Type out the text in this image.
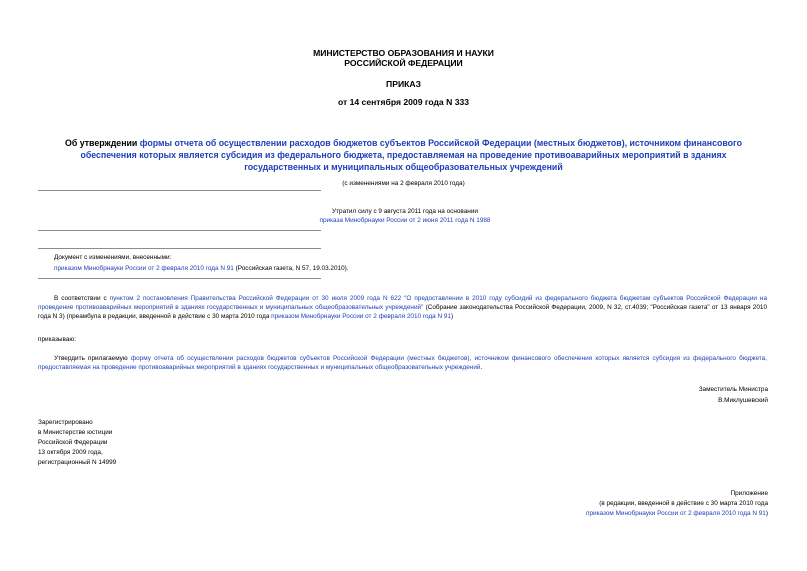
МИНИСТЕРСТВО ОБРАЗОВАНИЯ И НАУКИ
РОССИЙСКОЙ ФЕДЕРАЦИИ
ПРИКАЗ
от 14 сентября 2009 года N 333
Об утверждении формы отчета об осуществлении расходов бюджетов субъектов Российской Федерации (местных бюджетов), источником финансового обеспечения которых является субсидия из федерального бюджета, предоставляемая на проведение противоаварийных мероприятий в зданиях государственных и муниципальных общеобразовательных учреждений
(с изменениями на 2 февраля 2010 года)
Утратил силу с 9 августа 2011 года на основании
приказа Минобрнауки России от 2 июня 2011 года N 1988
Документ с изменениями, внесенными:
приказом Минобрнауки России от 2 февраля 2010 года N 91 (Российская газета, N 57, 19.03.2010).
В соответствии с пунктом 2 постановления Правительства Российской Федерации от 30 июля 2009 года N 622 "О предоставлении в 2010 году субсидий из федерального бюджета бюджетам субъектов Российской Федерации на проведение противоаварийных мероприятий в зданиях государственных и муниципальных общеобразовательных учреждений" (Собрание законодательства Российской Федерации, 2009, N 32, ст.4039; "Российская газета" от 13 января 2010 года N 3) (преамбула в редакции, введенной в действие с 30 марта 2010 года приказом Минобрнауки России от 2 февраля 2010 года N 91)
приказываю:
Утвердить прилагаемую форму отчета об осуществлении расходов бюджетов субъектов Российской Федерации (местных бюджетов), источником финансового обеспечения которых является субсидия из федерального бюджета, предоставляемая на проведение противоаварийных мероприятий в зданиях государственных и муниципальных общеобразовательных учреждений.
Заместитель Министра
В.Миклушевский
Зарегистрировано
в Министерстве юстиции
Российской Федерации
13 октября 2009 года,
регистрационный N 14999
Приложение
(в редакции, введенной в действие с 30 марта 2010 года
приказом Минобрнауки России от 2 февраля 2010 года N 91)
